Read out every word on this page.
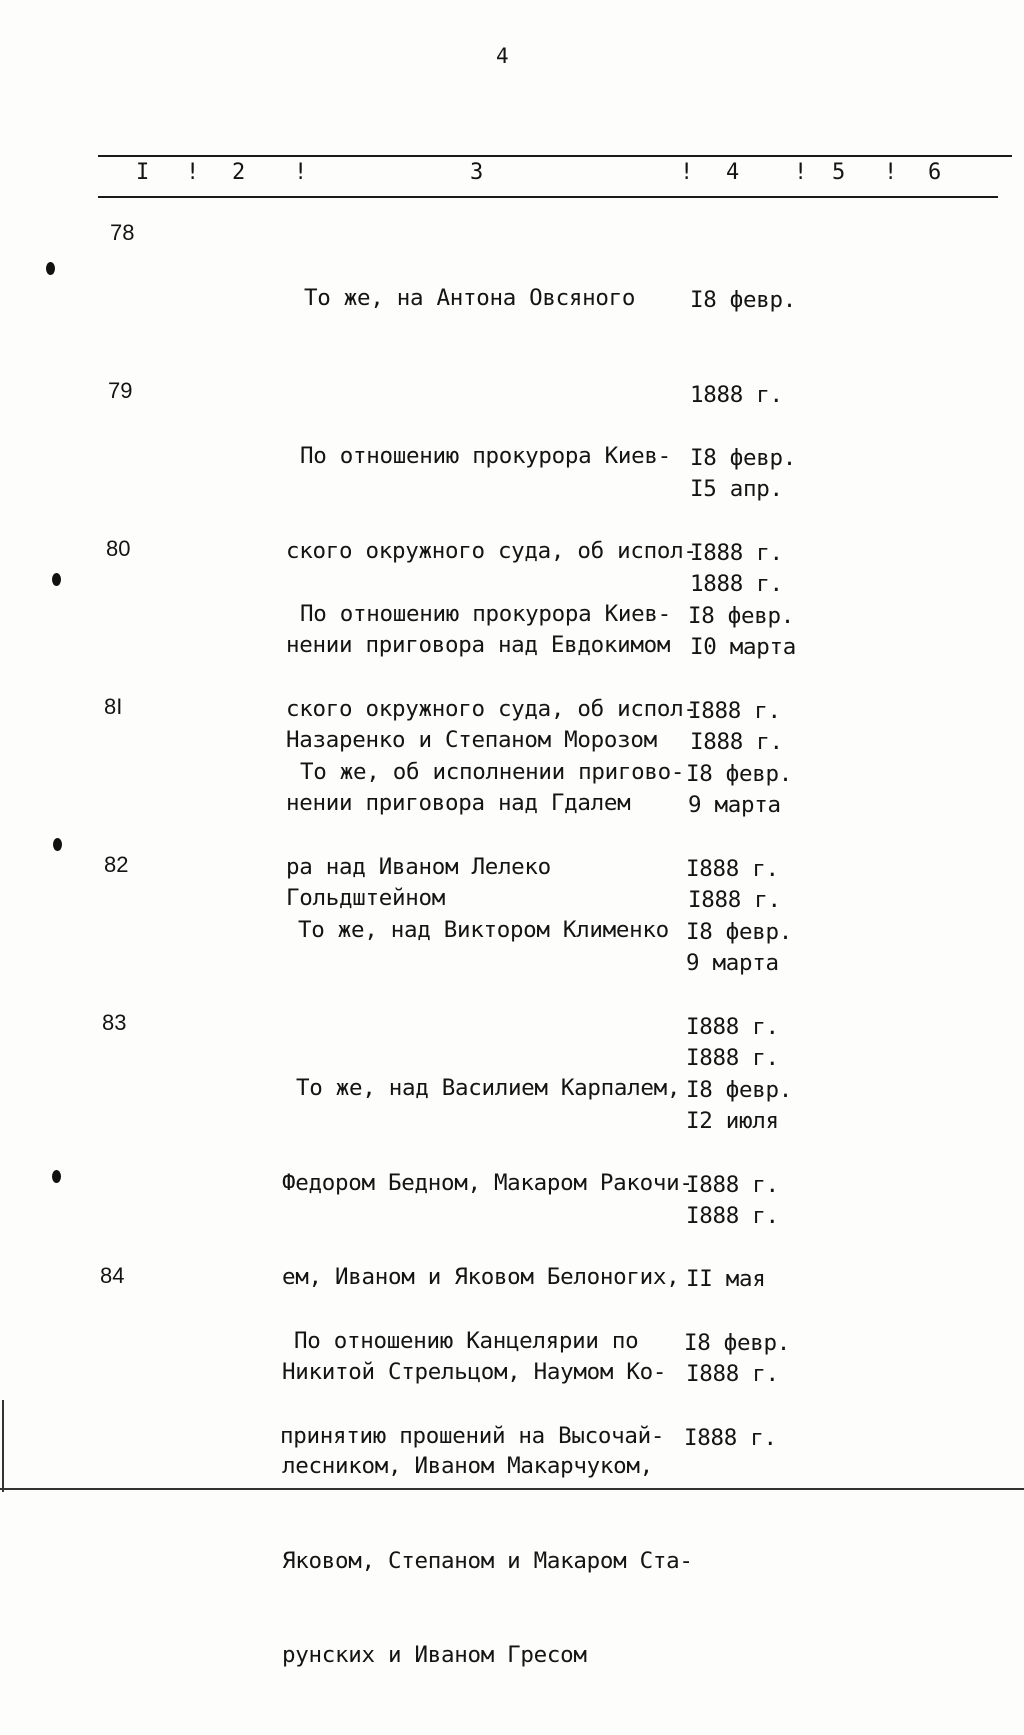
4
I ! 2 !	3	! 4 ! 5 ! 6
78

То же, на Антона Овсяного

I8 февр.

1888 г.

I5 апр.

1888 г.

79

По отношению прокурора Киев-

ского окружного суда, об испол-

нении приговора над Евдокимом

Назаренко и Степаном Морозом

I8 февр.

I888 г.

I0 марта

I888 г.

80

По отношению прокурора Киев-

ского окружного суда, об испол-

нении приговора над Гдалем

Гольдштейном

I8 февр.

I888 г.

9 марта

I888 г.

8I

То же, об исполнении пригово-

ра над Иваном Лелеко

I8 февр.

I888 г.

9 марта

I888 г.

82

То же, над Виктором Клименко

I8 февр.

I888 г.

I2 июля

I888 г.

83

То же, над Василием Карпалем,

Федором Бедном, Макаром Ракочи-

ем, Иваном и Яковом Белоногих,

Никитой Стрельцом, Наумом Ко-

лесником, Иваном Макарчуком,

Яковом, Степаном и Макаром Ста-

рунских и Иваном Гресом

I8 февр.

I888 г.

II мая

I888 г.

84

По отношению Канцелярии по

принятию прошений на Высочай-

I8 февр.

I888 г.
